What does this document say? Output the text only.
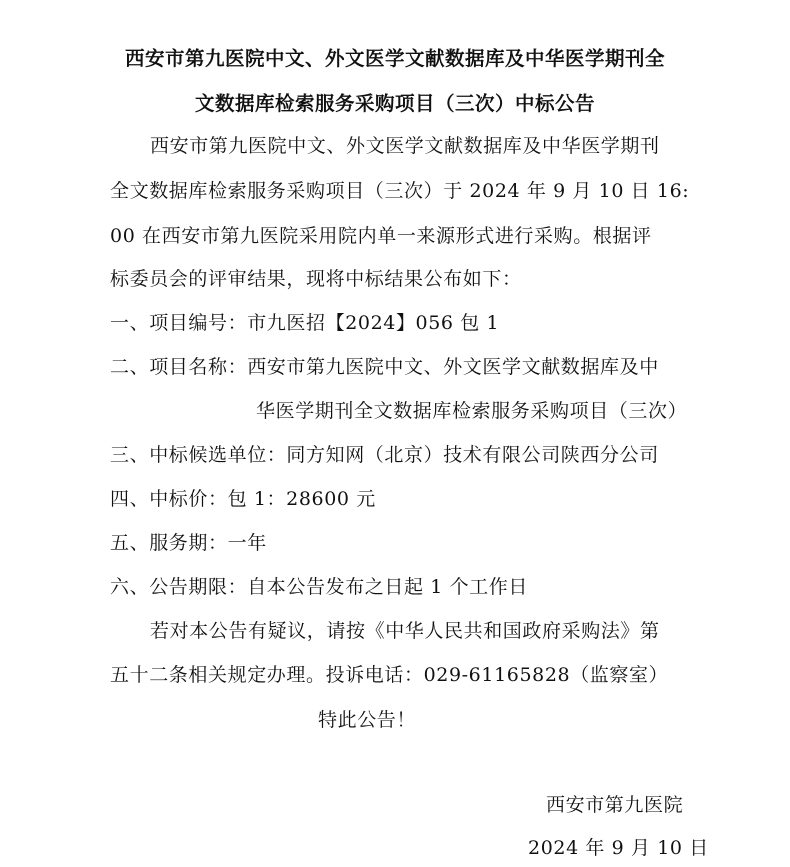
西安市第九医院中文、外文医学文献数据库及中华医学期刊全
文数据库检索服务采购项目（三次）中标公告
西安市第九医院中文、外文医学文献数据库及中华医学期刊
全文数据库检索服务采购项目（三次）于 2024 年 9 月 10 日 16:
00 在西安市第九医院采用院内单一来源形式进行采购。根据评
标委员会的评审结果，现将中标结果公布如下：
一、项目编号：市九医招【2024】056 包 1
二、项目名称：西安市第九医院中文、外文医学文献数据库及中
华医学期刊全文数据库检索服务采购项目（三次）
三、中标候选单位：同方知网（北京）技术有限公司陕西分公司
四、中标价：包 1：28600 元
五、服务期：一年
六、公告期限：自本公告发布之日起 1 个工作日
若对本公告有疑议，请按《中华人民共和国政府采购法》第
五十二条相关规定办理。投诉电话：029-61165828（监察室）
特此公告！
西安市第九医院
2024 年 9 月 10 日
